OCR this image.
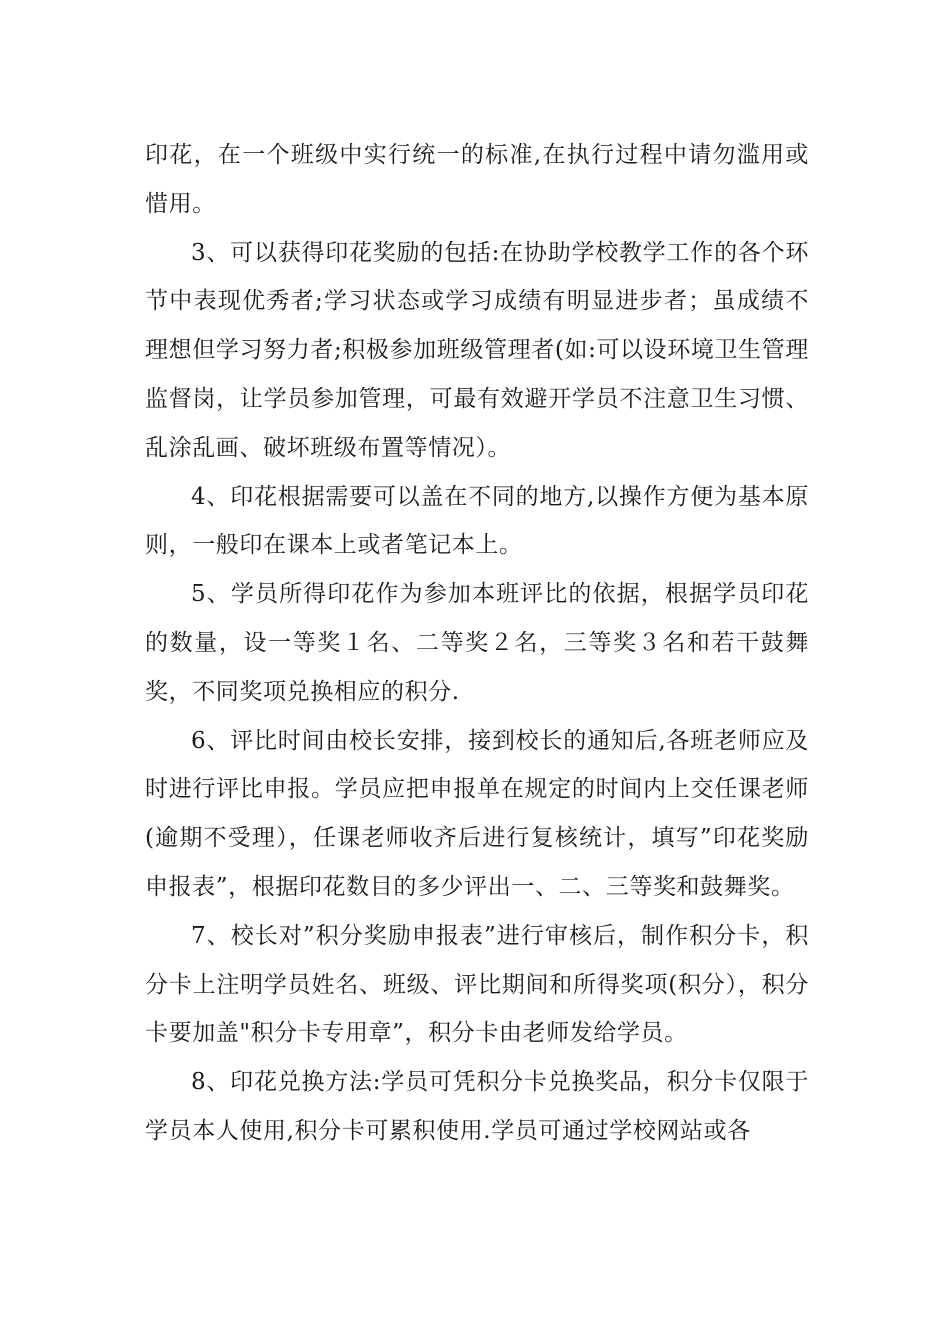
印花，在一个班级中实行统一的标准,在执行过程中请勿滥用或惜用。

3、可以获得印花奖励的包括:在协助学校教学工作的各个环节中表现优秀者;学习状态或学习成绩有明显进步者；虽成绩不理想但学习努力者;积极参加班级管理者(如:可以设环境卫生管理监督岗，让学员参加管理，可最有效避开学员不注意卫生习惯、乱涂乱画、破坏班级布置等情况）。

4、印花根据需要可以盖在不同的地方,以操作方便为基本原则，一般印在课本上或者笔记本上。

5、学员所得印花作为参加本班评比的依据，根据学员印花的数量，设一等奖１名、二等奖２名，三等奖３名和若干鼓舞奖，不同奖项兑换相应的积分.

6、评比时间由校长安排，接到校长的通知后,各班老师应及时进行评比申报。学员应把申报单在规定的时间内上交任课老师(逾期不受理），任课老师收齐后进行复核统计，填写”印花奖励申报表”，根据印花数目的多少评出一、二、三等奖和鼓舞奖。

7、校长对”积分奖励申报表”进行审核后，制作积分卡，积分卡上注明学员姓名、班级、评比期间和所得奖项(积分），积分卡要加盖"积分卡专用章”，积分卡由老师发给学员。

8、印花兑换方法:学员可凭积分卡兑换奖品，积分卡仅限于学员本人使用,积分卡可累积使用.学员可通过学校网站或各
